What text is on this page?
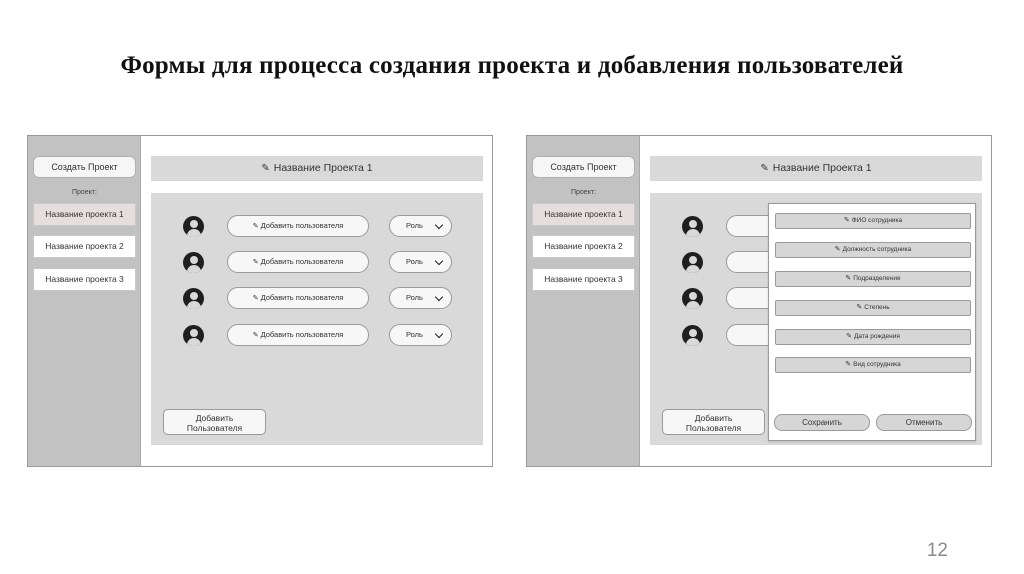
Формы для процесса создания проекта и добавления пользователей
Создать Проект
Проект:
Название проекта 1
Название проекта 2
Название проекта 3
✎ Название Проекта 1
✎ Добавить пользователя	Роль
✎ Добавить пользователя	Роль
✎ Добавить пользователя	Роль
✎ Добавить пользователя	Роль
Добавить
Пользователя
Создать Проект
Проект:
Название проекта 1
Название проекта 2
Название проекта 3
✎ Название Проекта 1
Добавить
Пользователя
✎ ФИО сотрудника
✎ Должность сотрудника
✎ Подразделение
✎ Степень
✎ Дата рождения
✎ Вид сотрудника
Сохранить	Отменить
12
